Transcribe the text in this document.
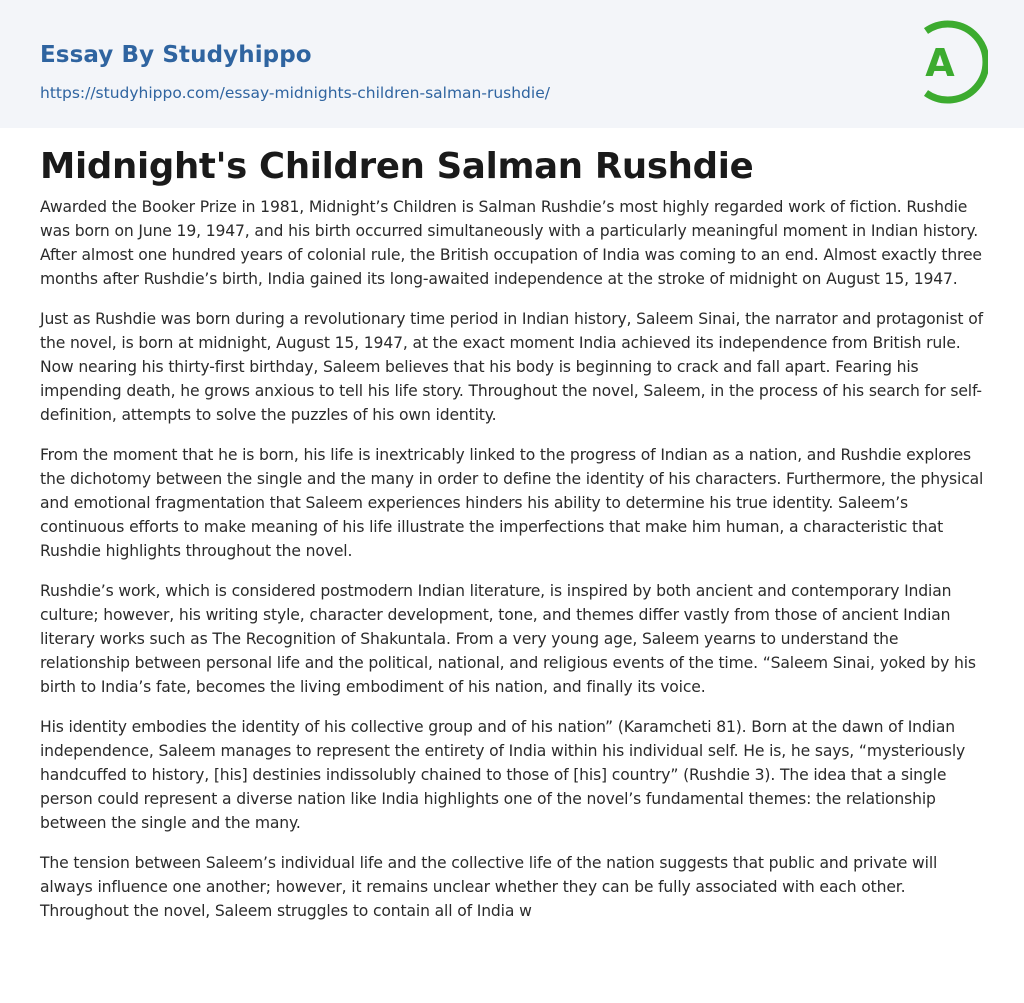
Essay By Studyhippo
https://studyhippo.com/essay-midnights-children-salman-rushdie/
A
Midnight's Children Salman Rushdie

Awarded the Booker Prize in 1981, Midnight’s Children is Salman Rushdie’s most highly regarded work of fiction. Rushdie was born on June 19, 1947, and his birth occurred simultaneously with a particularly meaningful moment in Indian history. After almost one hundred years of colonial rule, the British occupation of India was coming to an end. Almost exactly three months after Rushdie’s birth, India gained its long-awaited independence at the stroke of midnight on August 15, 1947.

Just as Rushdie was born during a revolutionary time period in Indian history, Saleem Sinai, the narrator and protagonist of the novel, is born at midnight, August 15, 1947, at the exact moment India achieved its independence from British rule. Now nearing his thirty-first birthday, Saleem believes that his body is beginning to crack and fall apart. Fearing his impending death, he grows anxious to tell his life story. Throughout the novel, Saleem, in the process of his search for self-definition, attempts to solve the puzzles of his own identity.

From the moment that he is born, his life is inextricably linked to the progress of Indian as a nation, and Rushdie explores the dichotomy between the single and the many in order to define the identity of his characters. Furthermore, the physical and emotional fragmentation that Saleem experiences hinders his ability to determine his true identity. Saleem’s continuous efforts to make meaning of his life illustrate the imperfections that make him human, a characteristic that Rushdie highlights throughout the novel.

Rushdie’s work, which is considered postmodern Indian literature, is inspired by both ancient and contemporary Indian culture; however, his writing style, character development, tone, and themes differ vastly from those of ancient Indian literary works such as The Recognition of Shakuntala. From a very young age, Saleem yearns to understand the relationship between personal life and the political, national, and religious events of the time. “Saleem Sinai, yoked by his birth to India’s fate, becomes the living embodiment of his nation, and finally its voice.

His identity embodies the identity of his collective group and of his nation” (Karamcheti 81). Born at the dawn of Indian independence, Saleem manages to represent the entirety of India within his individual self. He is, he says, “mysteriously handcuffed to history, [his] destinies indissolubly chained to those of [his] country” (Rushdie 3). The idea that a single person could represent a diverse nation like India highlights one of the novel’s fundamental themes: the relationship between the single and the many.

The tension between Saleem’s individual life and the collective life of the nation suggests that public and private will always influence one another; however, it remains unclear whether they can be fully associated with each other. Throughout the novel, Saleem struggles to contain all of India w
